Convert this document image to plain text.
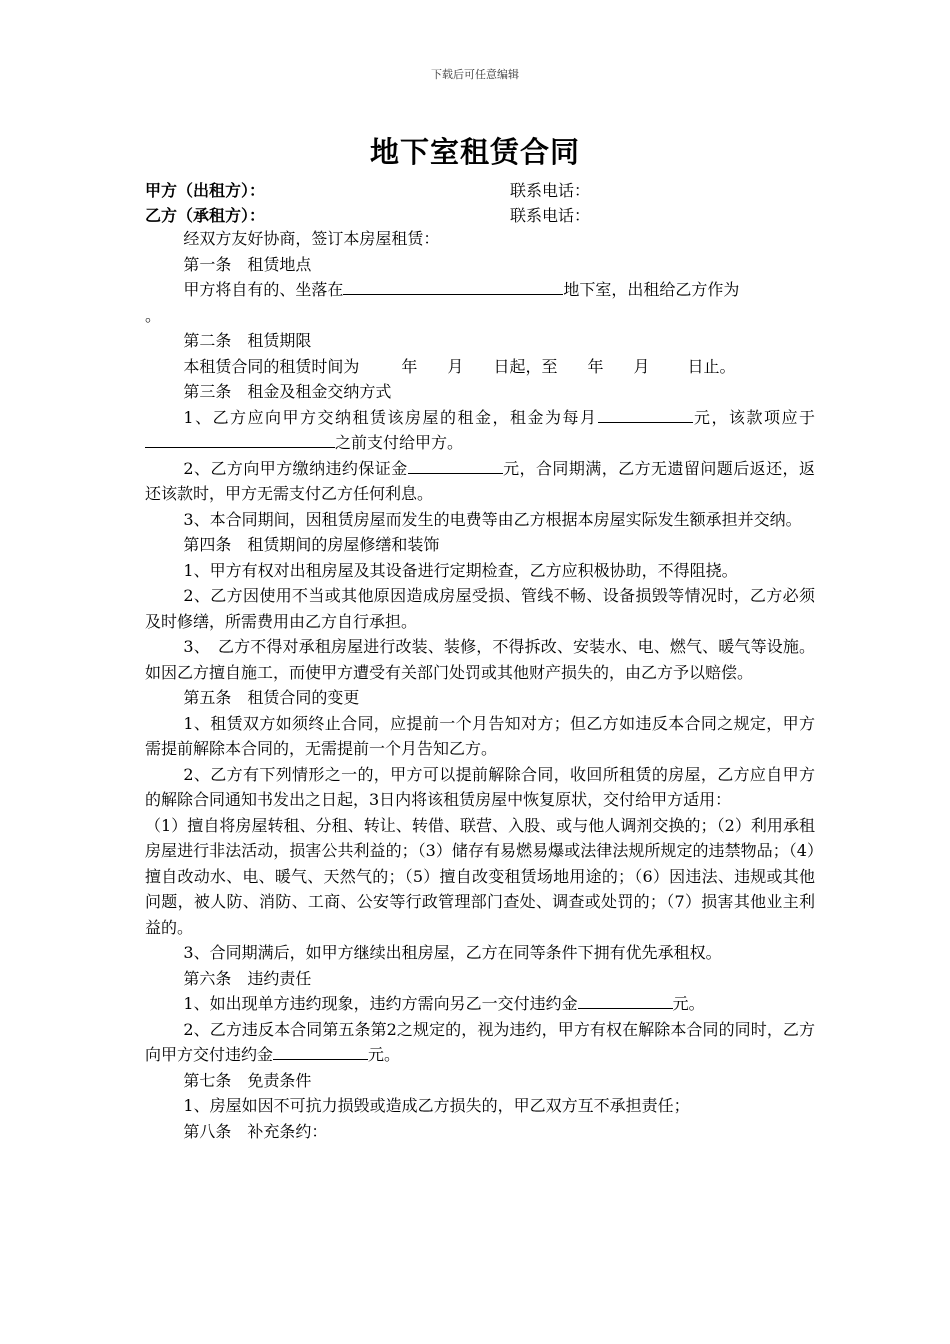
下载后可任意编辑
地下室租赁合同
甲方（出租方）：	联系电话：
乙方（承租方）：	联系电话：

经双方友好协商，签订本房屋租赁：

第一条　租赁地点

甲方将自有的、坐落在	地下室，出租给乙方作为

。

第二条　租赁期限

本租赁合同的租赁时间为	年 月 日起，至 年 月 日止。

第三条　租金及租金交纳方式

1、乙方应向甲方交纳租赁该房屋的租金，租金为每月	元，该款项应于之前支付给甲方。

2、乙方向甲方缴纳违约保证金	元，合同期满，乙方无遗留问题后返还，返还该款时，甲方无需支付乙方任何利息。

3、本合同期间，因租赁房屋而发生的电费等由乙方根据本房屋实际发生额承担并交纳。

第四条　租赁期间的房屋修缮和装饰

1、甲方有权对出租房屋及其设备进行定期检查，乙方应积极协助，不得阻挠。

2、乙方因使用不当或其他原因造成房屋受损、管线不畅、设备损毁等情况时，乙方必须及时修缮，所需费用由乙方自行承担。

3、　乙方不得对承租房屋进行改装、装修，不得拆改、安装水、电、燃气、暖气等设施。如因乙方擅自施工，而使甲方遭受有关部门处罚或其他财产损失的，由乙方予以赔偿。

第五条　租赁合同的变更

1、租赁双方如须终止合同，应提前一个月告知对方；但乙方如违反本合同之规定，甲方需提前解除本合同的，无需提前一个月告知乙方。

2、乙方有下列情形之一的，甲方可以提前解除合同，收回所租赁的房屋，乙方应自甲方的解除合同通知书发出之日起，3日内将该租赁房屋中恢复原状，交付给甲方适用：

（1）擅自将房屋转租、分租、转让、转借、联营、入股、或与他人调剂交换的；（2）利用承租房屋进行非法活动，损害公共利益的；（3）储存有易燃易爆或法律法规所规定的违禁物品；（4）擅自改动水、电、暖气、天然气的；（5）擅自改变租赁场地用途的；（6）因违法、违规或其他问题，被人防、消防、工商、公安等行政管理部门查处、调查或处罚的；（7）损害其他业主利益的。

3、合同期满后，如甲方继续出租房屋，乙方在同等条件下拥有优先承租权。

第六条　违约责任

1、如出现单方违约现象，违约方需向另乙一交付违约金	元。

2、乙方违反本合同第五条第2之规定的，视为违约，甲方有权在解除本合同的同时，乙方向甲方交付违约金	元。

第七条　免责条件

1、房屋如因不可抗力损毁或造成乙方损失的，甲乙双方互不承担责任；

第八条　补充条约：
